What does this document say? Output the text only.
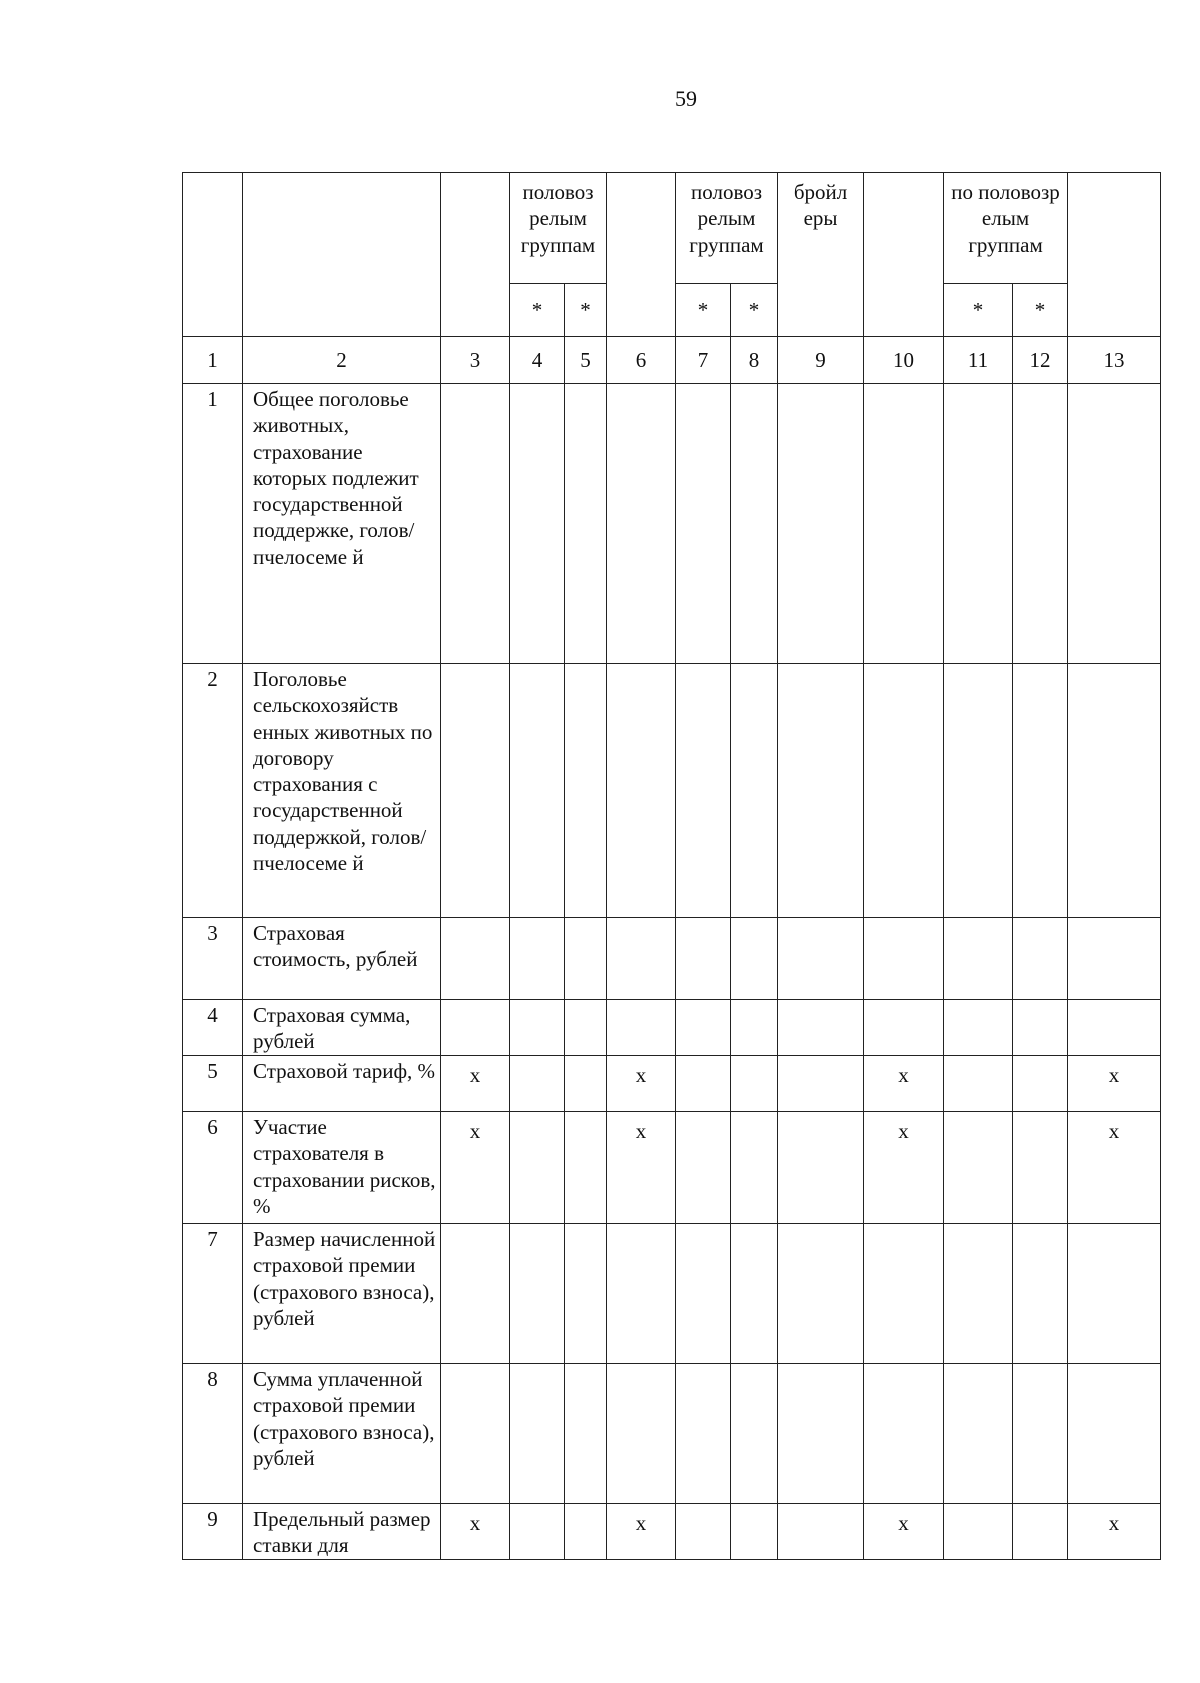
59
			половоз релым группам			половоз релым группам		бройл еры		по половозр елым группам		
			*	*		*	*			*	*	
1	2	3	4	5	6	7	8	9	10	11	12	13
1	Общее поголовье животных, страхование которых подлежит государственной поддержке, голов/пчелосеме й											
2	Поголовье сельскохозяйств енных животных по договору страхования с государственной поддержкой, голов/пчелосеме й											
3	Страховая стоимость, рублей											
4	Страховая сумма, рублей											
5	Страховой тариф, %	х			х				х			х
6	Участие страхователя в страховании рисков, %	х			х				х			х
7	Размер начисленной страховой премии (страхового взноса), рублей											
8	Сумма уплаченной страховой премии (страхового взноса), рублей											
9	Предельный размер ставки для	х			х				х			х
